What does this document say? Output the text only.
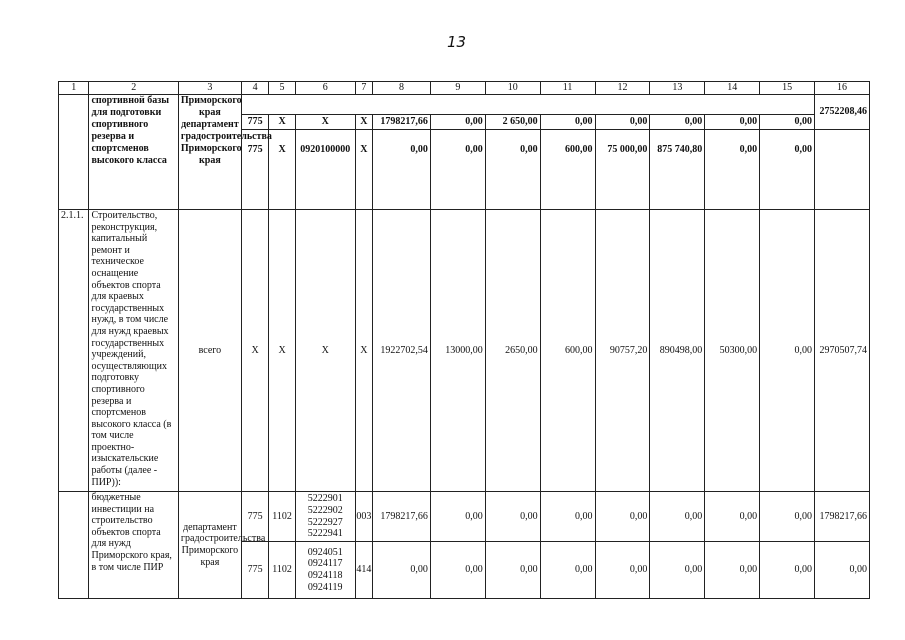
13
1	2	3	4	5	6	7	8	9	10	11	12	13	14	15	16
	спортивной базы для подготовки спортивного резерва и спортсменов высокого класса	Приморского края департамент градостроительства Приморского края													2752208,46
			775	X	X	X	1798217,66	0,00	2 650,00	0,00	0,00	0,00	0,00	0,00	
			775	X	0920100000	X	0,00	0,00	0,00	600,00	75 000,00	875 740,80	0,00	0,00	
2.1.1.	Строительство, реконструкция, капитальный ремонт и техническое оснащение объектов спорта для краевых государственных нужд, в том числе для нужд краевых государственных учреждений, осуществляющих подготовку спортивного резерва и спортсменов высокого класса (в том числе проектно-изыскательские работы (далее - ПИР)):	всего	X	X	X	X	1922702,54	13000,00	2650,00	600,00	90757,20	890498,00	50300,00	0,00	2970507,74
	бюджетные инвестиции на строительство объектов спорта для нужд Приморского края, в том числе ПИР	департамент градостроительства Приморского края	775	1102	5222901
5222902
5222927
5222941	003	1798217,66	0,00	0,00	0,00	0,00	0,00	0,00	0,00	1798217,66
			775	1102	0924051
0924117
0924118
0924119	414	0,00	0,00	0,00	0,00	0,00	0,00	0,00	0,00	0,00
